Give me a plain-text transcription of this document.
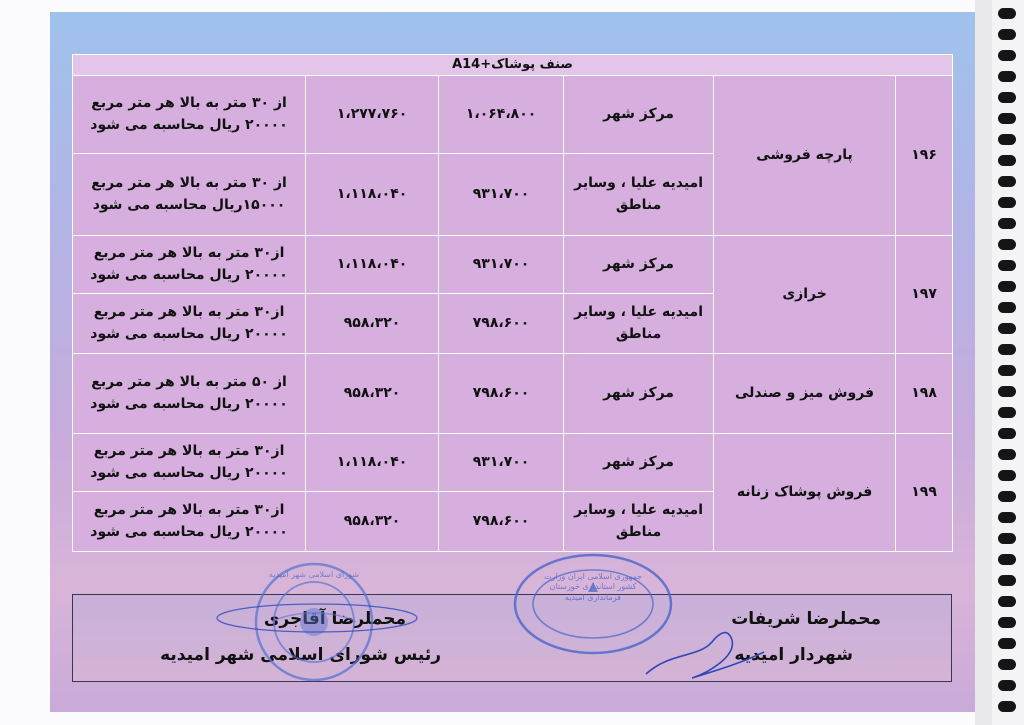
صنف پوشاک+A14					
۱۹۶	پارچه فروشی	مرکز شهر	۱،۰۶۴،۸۰۰	۱،۲۷۷،۷۶۰	از ۳۰ متر به بالا هر متر مربع ۲۰۰۰۰ ریال محاسبه می شود
		امیدیه علیا ، وسایر مناطق	۹۳۱،۷۰۰	۱،۱۱۸،۰۴۰	از ۳۰ متر به بالا هر متر مربع ۱۵۰۰۰ریال محاسبه می شود
۱۹۷	خرازی	مرکز شهر	۹۳۱،۷۰۰	۱،۱۱۸،۰۴۰	از۳۰ متر به بالا هر متر مربع ۲۰۰۰۰ ریال محاسبه می شود
		امیدیه علیا ، وسایر مناطق	۷۹۸،۶۰۰	۹۵۸،۳۲۰	از۳۰ متر به بالا هر متر مربع ۲۰۰۰۰ ریال محاسبه می شود
۱۹۸	فروش میز و صندلی	مرکز شهر	۷۹۸،۶۰۰	۹۵۸،۳۲۰	از ۵۰ متر به بالا هر متر مربع ۲۰۰۰۰ ریال محاسبه می شود
۱۹۹	فروش پوشاک زنانه	مرکز شهر	۹۳۱،۷۰۰	۱،۱۱۸،۰۴۰	از۳۰ متر به بالا هر متر مربع ۲۰۰۰۰ ریال محاسبه می شود
		امیدیه علیا ، وسایر مناطق	۷۹۸،۶۰۰	۹۵۸،۳۲۰	از۳۰ متر به بالا هر متر مربع ۲۰۰۰۰ ریال محاسبه می شود
محملرضا شریفات
شهردار امیدیه
محملرضا آقاجری
رئیس شورای اسلامی شهر امیدیه
شورای اسلامی شهر امیدیه	جمهوری اسلامی ایران وزارت کشور استانداری خوزستان فرمانداری امیدیه
